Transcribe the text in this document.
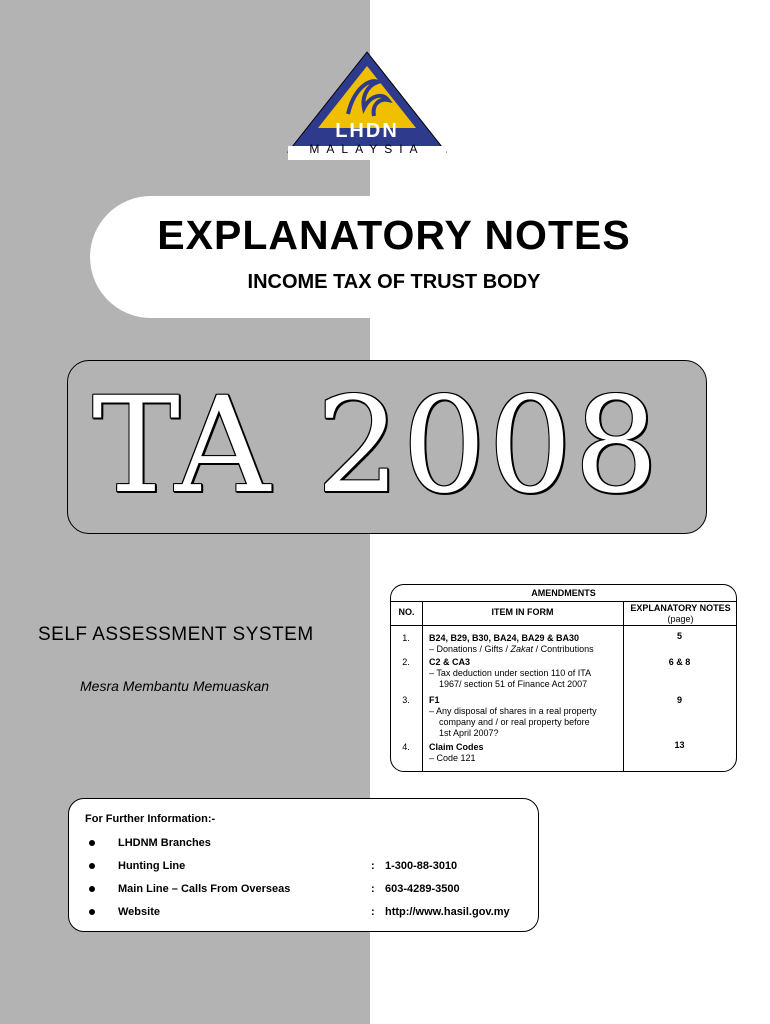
LHDN
MALAYSIA
EXPLANATORY NOTES
INCOME TAX OF TRUST BODY
TA 2008
SELF ASSESSMENT SYSTEM
Mesra Membantu Memuaskan
AMENDMENTS
NO.	ITEM IN FORM	EXPLANATORY NOTES
(page)
1.	B24, B29, B30, BA24, BA29 & BA30
– Donations / Gifts / Zakat / Contributions
5
2.	C2 & CA3
– Tax deduction under section 110 of ITA
1967/ section 51 of Finance Act 2007
6 & 8
3.	F1
– Any disposal of shares in a real property
company and / or real property before
1st April 2007?
9
4.	Claim Codes
– Code 121
13
For Further Information:-
LHDNM Branches
Hunting Line	: 1-300-88-3010
Main Line – Calls From Overseas	: 603-4289-3500
Website	: http://www.hasil.gov.my
